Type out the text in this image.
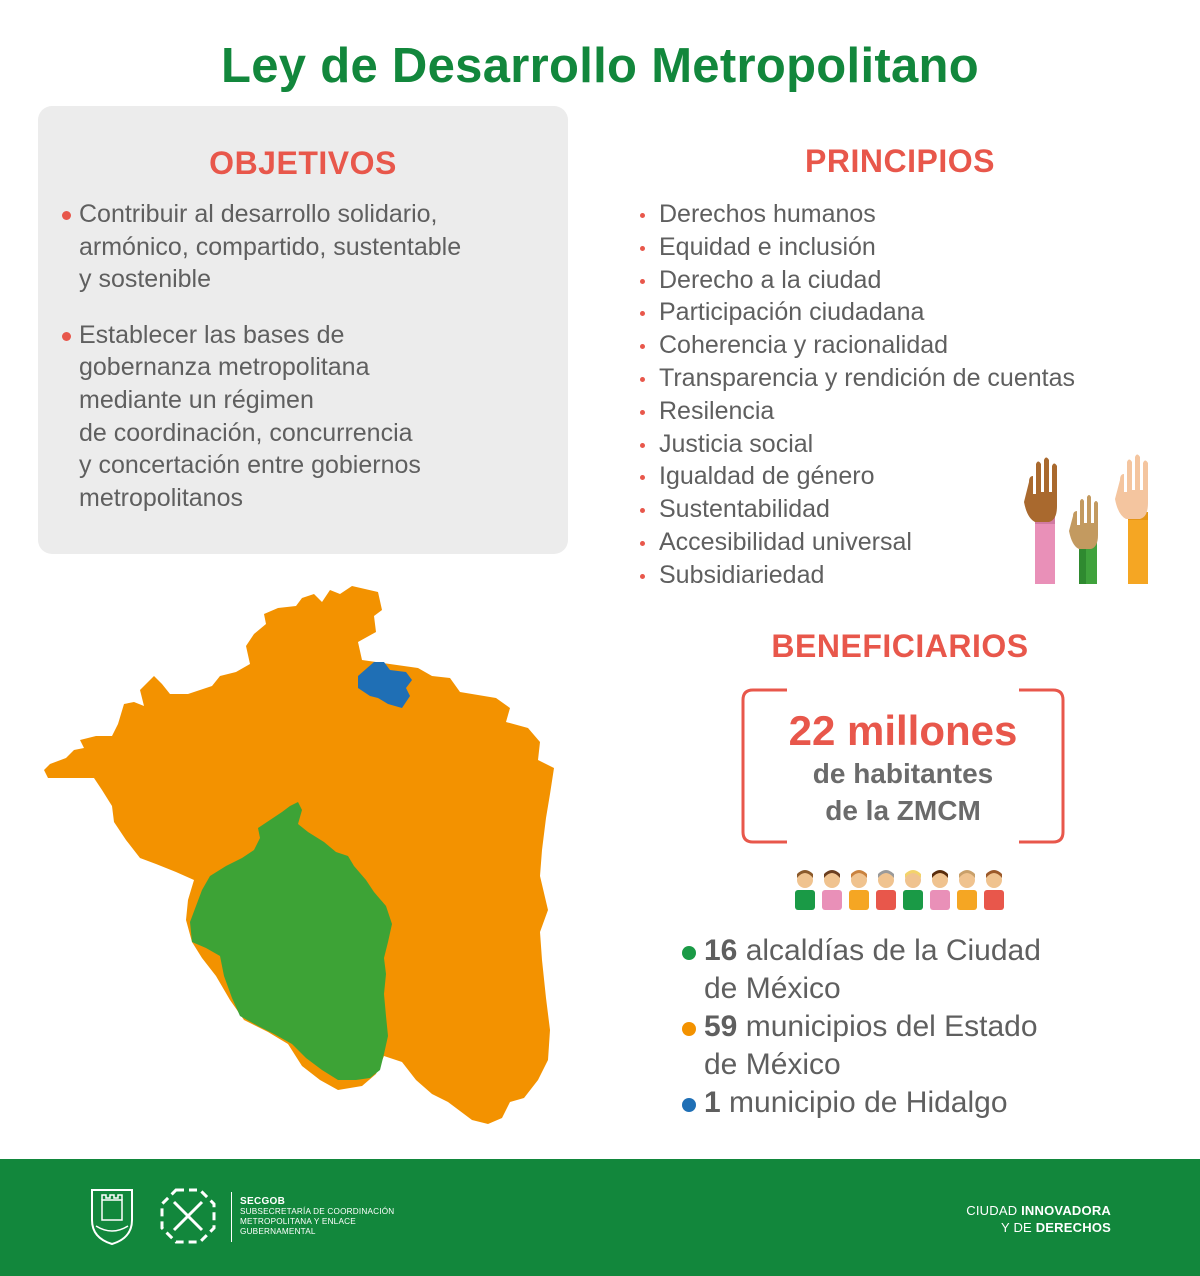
Ley de Desarrollo Metropolitano
OBJETIVOS
Contribuir al desarrollo solidario,
armónico, compartido, sustentable
y sostenible
Establecer las bases de
gobernanza metropolitana
mediante un régimen
de coordinación, concurrencia
y concertación entre gobiernos
metropolitanos
PRINCIPIOS
Derechos humanos
Equidad e inclusión
Derecho a la ciudad
Participación ciudadana
Coherencia y racionalidad
Transparencia y rendición de cuentas
Resilencia
Justicia social
Igualdad de género
Sustentabilidad
Accesibilidad universal
Subsidiariedad
BENEFICIARIOS
22 millones
de habitantes
de la ZMCM
16 alcaldías de la Ciudad
de México
59 municipios del Estado
de México
1 municipio de Hidalgo
SECGOB
SUBSECRETARÍA DE COORDINACIÓN
METROPOLITANA Y ENLACE
GUBERNAMENTAL
CIUDAD INNOVADORA
Y DE DERECHOS
